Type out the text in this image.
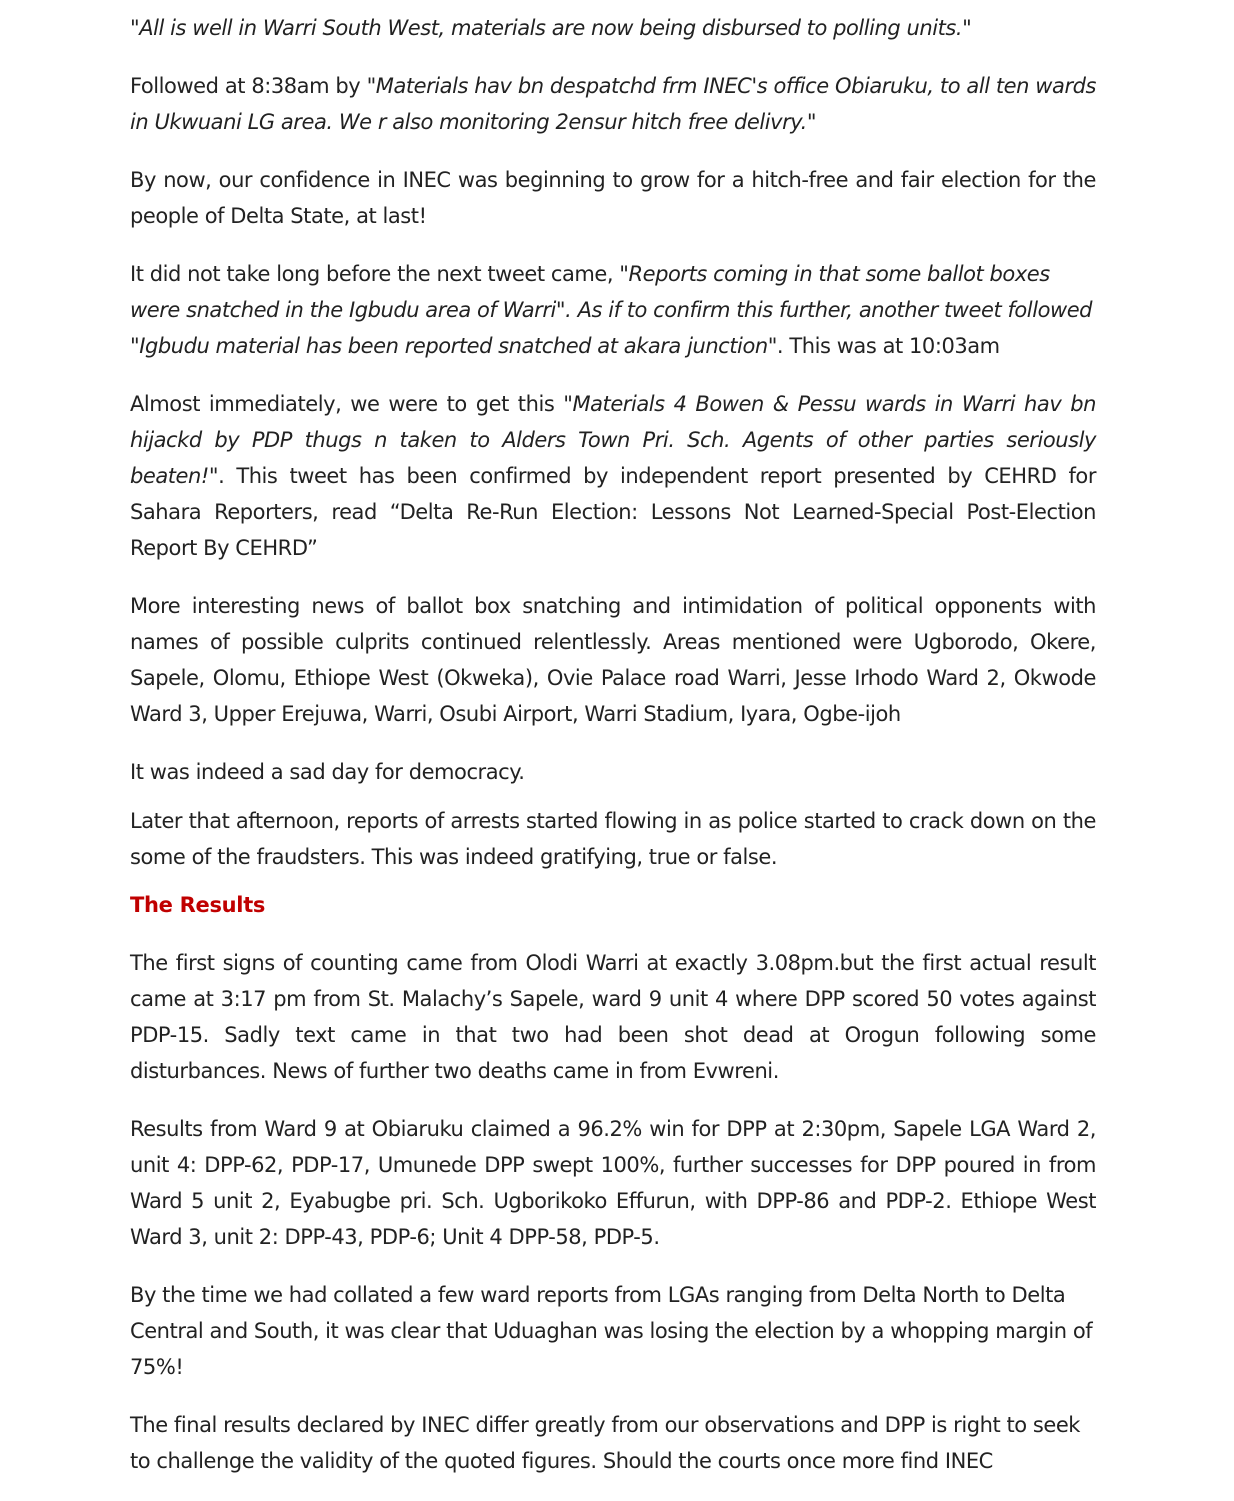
"All is well in Warri South West, materials are now being disbursed to polling units."

Followed at 8:38am by "Materials hav bn despatchd frm INEC's office Obiaruku, to all ten wards in Ukwuani LG area. We r also monitoring 2ensur hitch free delivry."

By now, our confidence in INEC was beginning to grow for a hitch-free and fair election for the people of Delta State, at last!

It did not take long before the next tweet came, "Reports coming in that some ballot boxes were snatched in the Igbudu area of Warri". As if to confirm this further, another tweet followed "Igbudu material has been reported snatched at akara junction". This was at 10:03am

Almost immediately, we were to get this "Materials 4 Bowen & Pessu wards in Warri hav bn hijackd by PDP thugs n taken to Alders Town Pri. Sch. Agents of other parties seriously beaten!". This tweet has been confirmed by independent report presented by CEHRD for Sahara Reporters, read “Delta Re-Run Election: Lessons Not Learned-Special Post-Election Report By CEHRD”

More interesting news of ballot box snatching and intimidation of political opponents with names of possible culprits continued relentlessly. Areas mentioned were Ugborodo, Okere, Sapele, Olomu, Ethiope West (Okweka), Ovie Palace road Warri, Jesse Irhodo Ward 2, Okwode Ward 3, Upper Erejuwa, Warri, Osubi Airport, Warri Stadium, Iyara, Ogbe-ijoh

It was indeed a sad day for democracy.

Later that afternoon, reports of arrests started flowing in as police started to crack down on the some of the fraudsters. This was indeed gratifying, true or false.

The Results

The first signs of counting came from Olodi Warri at exactly 3.08pm.but the first actual result came at 3:17 pm from St. Malachy’s Sapele, ward 9 unit 4 where DPP scored 50 votes against PDP-15. Sadly text came in that two had been shot dead at Orogun following some disturbances. News of further two deaths came in from Evwreni.

Results from Ward 9 at Obiaruku claimed a 96.2% win for DPP at 2:30pm, Sapele LGA Ward 2, unit 4: DPP-62, PDP-17, Umunede DPP swept 100%, further successes for DPP poured in from Ward 5 unit 2, Eyabugbe pri. Sch. Ugborikoko Effurun, with DPP-86 and PDP-2. Ethiope West Ward 3, unit 2: DPP-43, PDP-6; Unit 4 DPP-58, PDP-5.

By the time we had collated a few ward reports from LGAs ranging from Delta North to Delta Central and South, it was clear that Uduaghan was losing the election by a whopping margin of 75%!

The final results declared by INEC differ greatly from our observations and DPP is right to seek to challenge the validity of the quoted figures. Should the courts once more find INEC
